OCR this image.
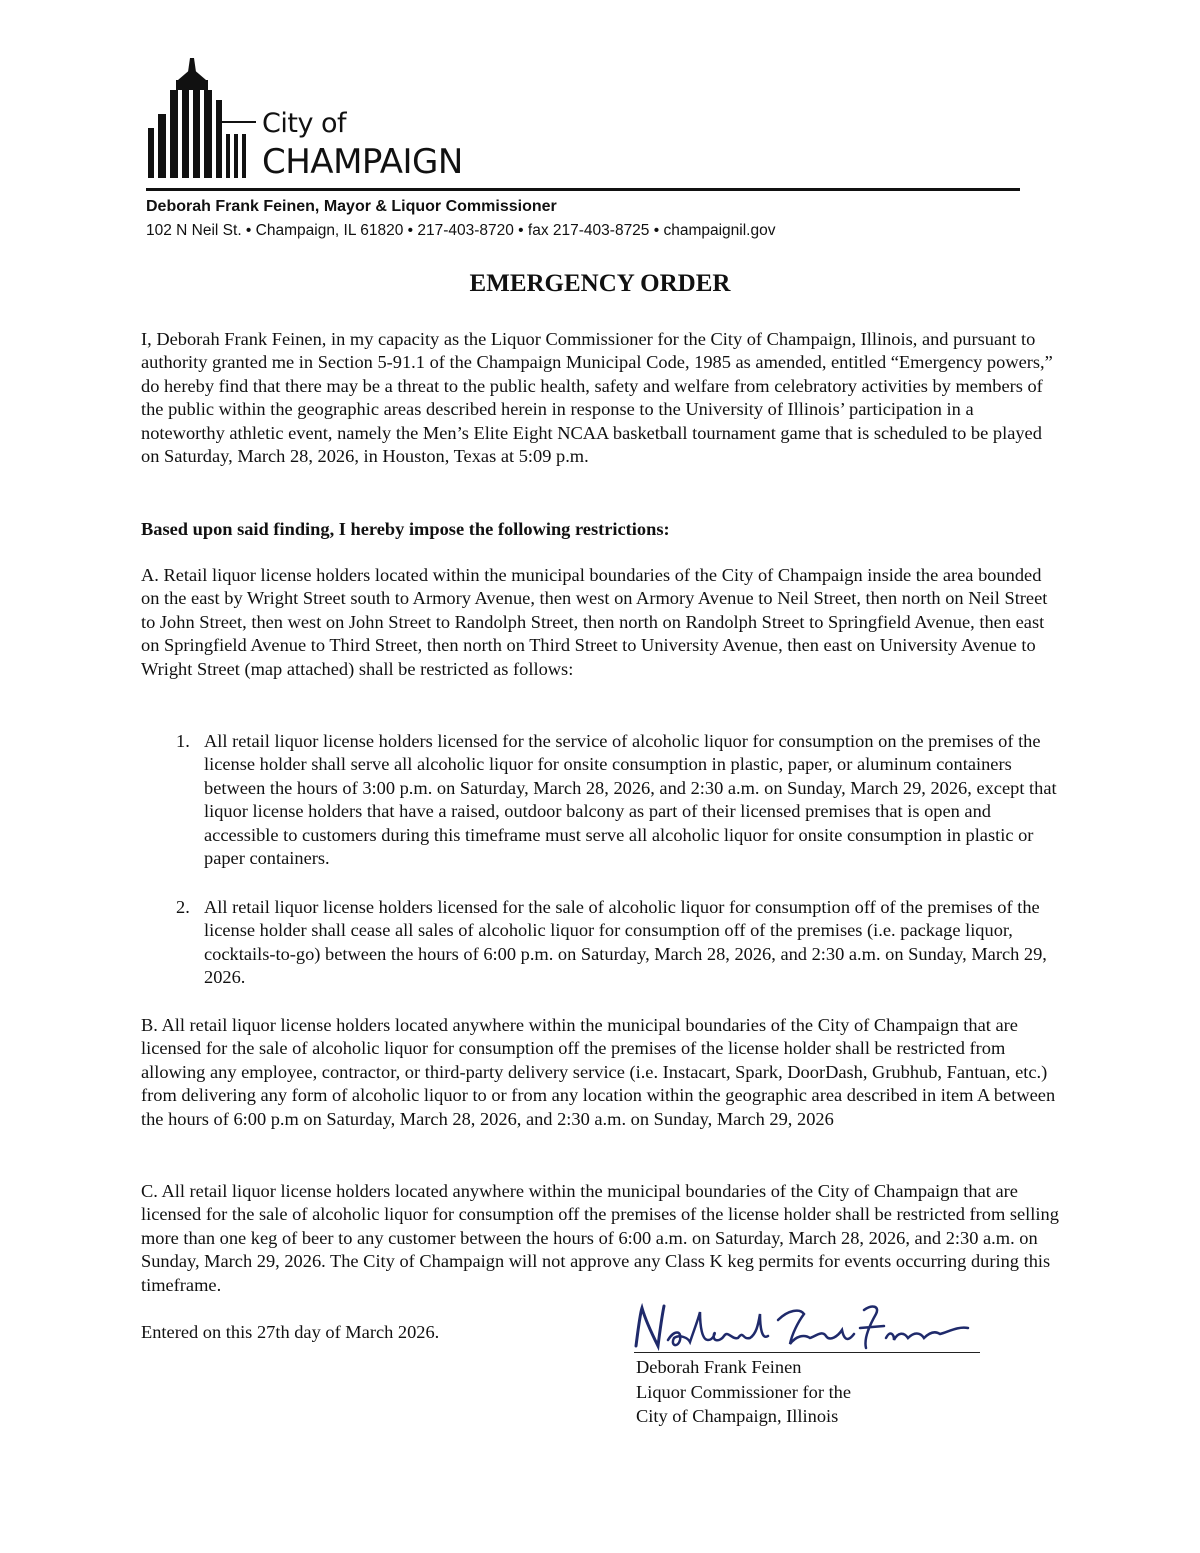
City of
CHAMPAIGN
Deborah Frank Feinen, Mayor & Liquor Commissioner
102 N Neil St. • Champaign, IL 61820 • 217-403-8720 • fax 217-403-8725 • champaignil.gov
EMERGENCY ORDER

I, Deborah Frank Feinen, in my capacity as the Liquor Commissioner for the City of Champaign, Illinois, and pursuant to authority granted me in Section 5-91.1 of the Champaign Municipal Code, 1985 as amended, entitled “Emergency powers,” do hereby find that there may be a threat to the public health, safety and welfare from celebratory activities by members of the public within the geographic areas described herein in response to the University of Illinois’ participation in a noteworthy athletic event, namely the Men’s Elite Eight NCAA basketball tournament game that is scheduled to be played on Saturday, March 28, 2026, in Houston, Texas at 5:09 p.m.

Based upon said finding, I hereby impose the following restrictions:

A. Retail liquor license holders located within the municipal boundaries of the City of Champaign inside the area bounded on the east by Wright Street south to Armory Avenue, then west on Armory Avenue to Neil Street, then north on Neil Street to John Street, then west on John Street to Randolph Street, then north on Randolph Street to Springfield Avenue, then east on Springfield Avenue to Third Street, then north on Third Street to University Avenue, then east on University Avenue to Wright Street (map attached) shall be restricted as follows:

1. All retail liquor license holders licensed for the service of alcoholic liquor for consumption on the premises of the license holder shall serve all alcoholic liquor for onsite consumption in plastic, paper, or aluminum containers between the hours of 3:00 p.m. on Saturday, March 28, 2026, and 2:30 a.m. on Sunday, March 29, 2026, except that liquor license holders that have a raised, outdoor balcony as part of their licensed premises that is open and accessible to customers during this timeframe must serve all alcoholic liquor for onsite consumption in plastic or paper containers.
2. All retail liquor license holders licensed for the sale of alcoholic liquor for consumption off of the premises of the license holder shall cease all sales of alcoholic liquor for consumption off of the premises (i.e. package liquor, cocktails-to-go) between the hours of 6:00 p.m. on Saturday, March 28, 2026, and 2:30 a.m. on Sunday, March 29, 2026.

B. All retail liquor license holders located anywhere within the municipal boundaries of the City of Champaign that are licensed for the sale of alcoholic liquor for consumption off the premises of the license holder shall be restricted from allowing any employee, contractor, or third-party delivery service (i.e. Instacart, Spark, DoorDash, Grubhub, Fantuan, etc.) from delivering any form of alcoholic liquor to or from any location within the geographic area described in item A between the hours of 6:00 p.m on Saturday, March 28, 2026, and 2:30 a.m. on Sunday, March 29, 2026

C. All retail liquor license holders located anywhere within the municipal boundaries of the City of Champaign that are licensed for the sale of alcoholic liquor for consumption off the premises of the license holder shall be restricted from selling more than one keg of beer to any customer between the hours of 6:00 a.m. on Saturday, March 28, 2026, and 2:30 a.m. on Sunday, March 29, 2026. The City of Champaign will not approve any Class K keg permits for events occurring during this timeframe.

Entered on this 27th day of March 2026.
Deborah Frank Feinen
Liquor Commissioner for the
City of Champaign, Illinois
